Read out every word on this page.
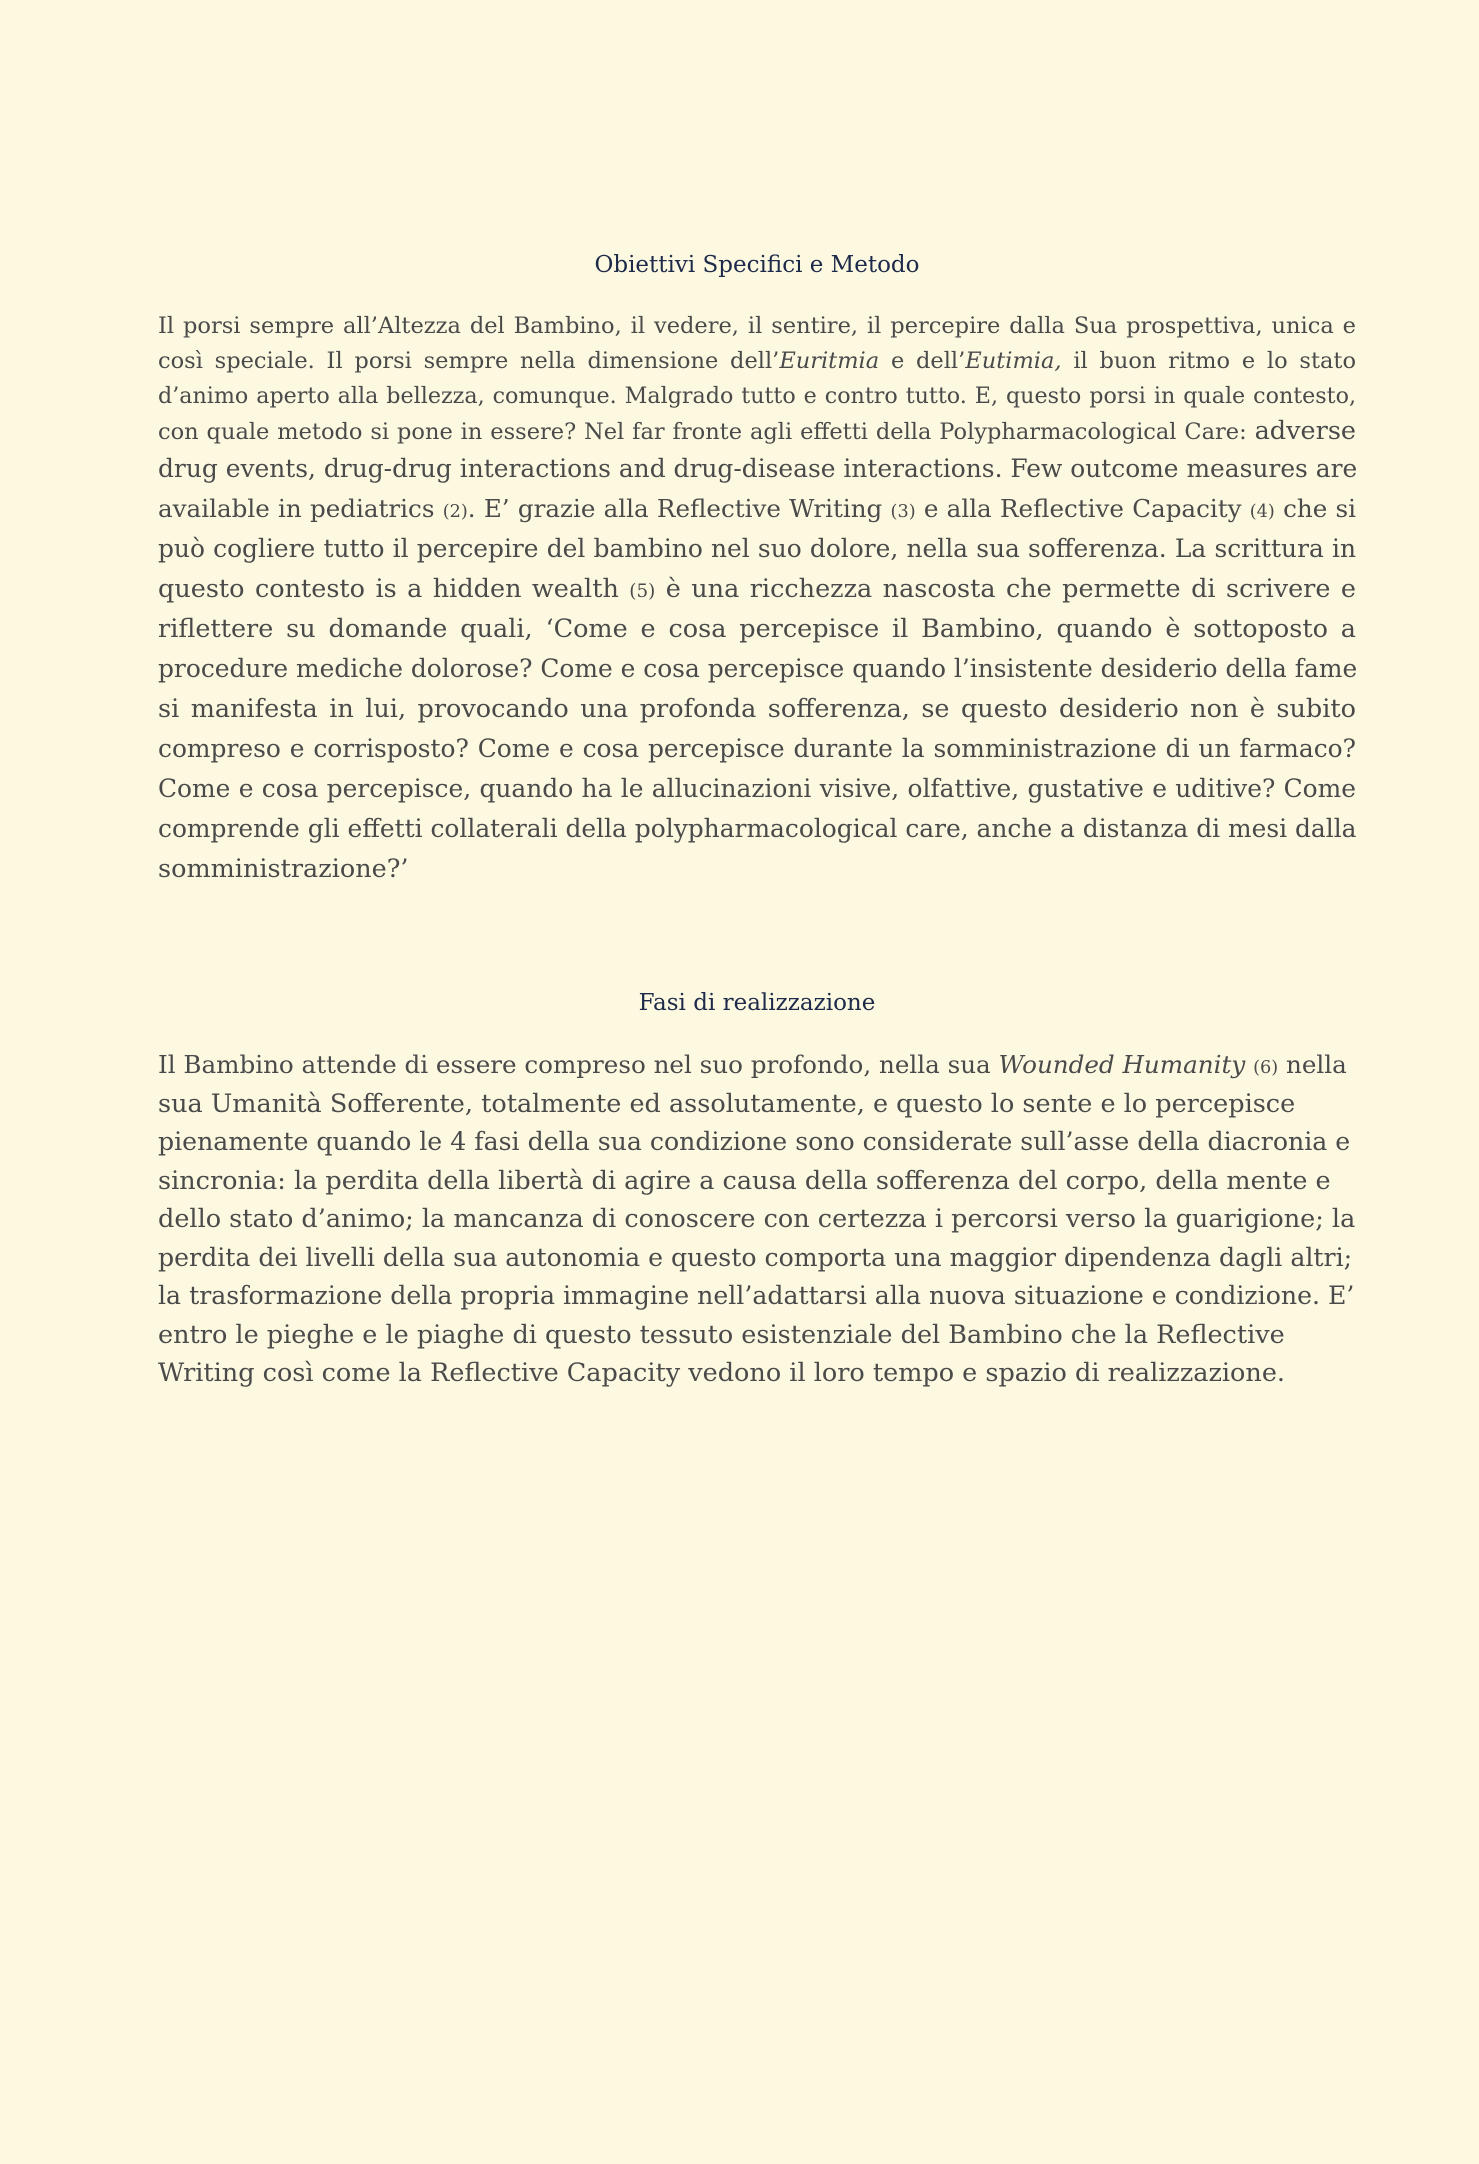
Obiettivi Specifici e Metodo
Il porsi sempre all’Altezza del Bambino, il vedere, il sentire, il percepire dalla Sua prospettiva, unica e
così speciale. Il porsi sempre nella dimensione dell’Euritmia e dell’Eutimia, il buon ritmo e lo stato
d’animo aperto alla bellezza, comunque. Malgrado tutto e contro tutto. E, questo porsi in quale contesto,
con quale metodo si pone in essere? Nel far fronte agli effetti della Polypharmacological Care: adverse
drug events, drug-drug interactions and drug-disease interactions. Few outcome measures are
available in pediatrics (2). E’ grazie alla Reflective Writing (3) e alla Reflective Capacity (4) che si
può cogliere tutto il percepire del bambino nel suo dolore, nella sua sofferenza. La scrittura in
questo contesto is a hidden wealth (5) è una ricchezza nascosta che permette di scrivere e
riflettere su domande quali, ‘Come e cosa percepisce il Bambino, quando è sottoposto a
procedure mediche dolorose? Come e cosa percepisce quando l’insistente desiderio della fame
si manifesta in lui, provocando una profonda sofferenza, se questo desiderio non è subito
compreso e corrisposto? Come e cosa percepisce durante la somministrazione di un farmaco?
Come e cosa percepisce, quando ha le allucinazioni visive, olfattive, gustative e uditive? Come
comprende gli effetti collaterali della polypharmacological care, anche a distanza di mesi dalla
somministrazione?’
Fasi di realizzazione
Il Bambino attende di essere compreso nel suo profondo, nella sua Wounded Humanity (6) nella
sua Umanità Sofferente, totalmente ed assolutamente, e questo lo sente e lo percepisce
pienamente quando le 4 fasi della sua condizione sono considerate sull’asse della diacronia e
sincronia: la perdita della libertà di agire a causa della sofferenza del corpo, della mente e
dello stato d’animo; la mancanza di conoscere con certezza i percorsi verso la guarigione; la
perdita dei livelli della sua autonomia e questo comporta una maggior dipendenza dagli altri;
la trasformazione della propria immagine nell’adattarsi alla nuova situazione e condizione. E’
entro le pieghe e le piaghe di questo tessuto esistenziale del Bambino che la Reflective
Writing così come la Reflective Capacity vedono il loro tempo e spazio di realizzazione.
